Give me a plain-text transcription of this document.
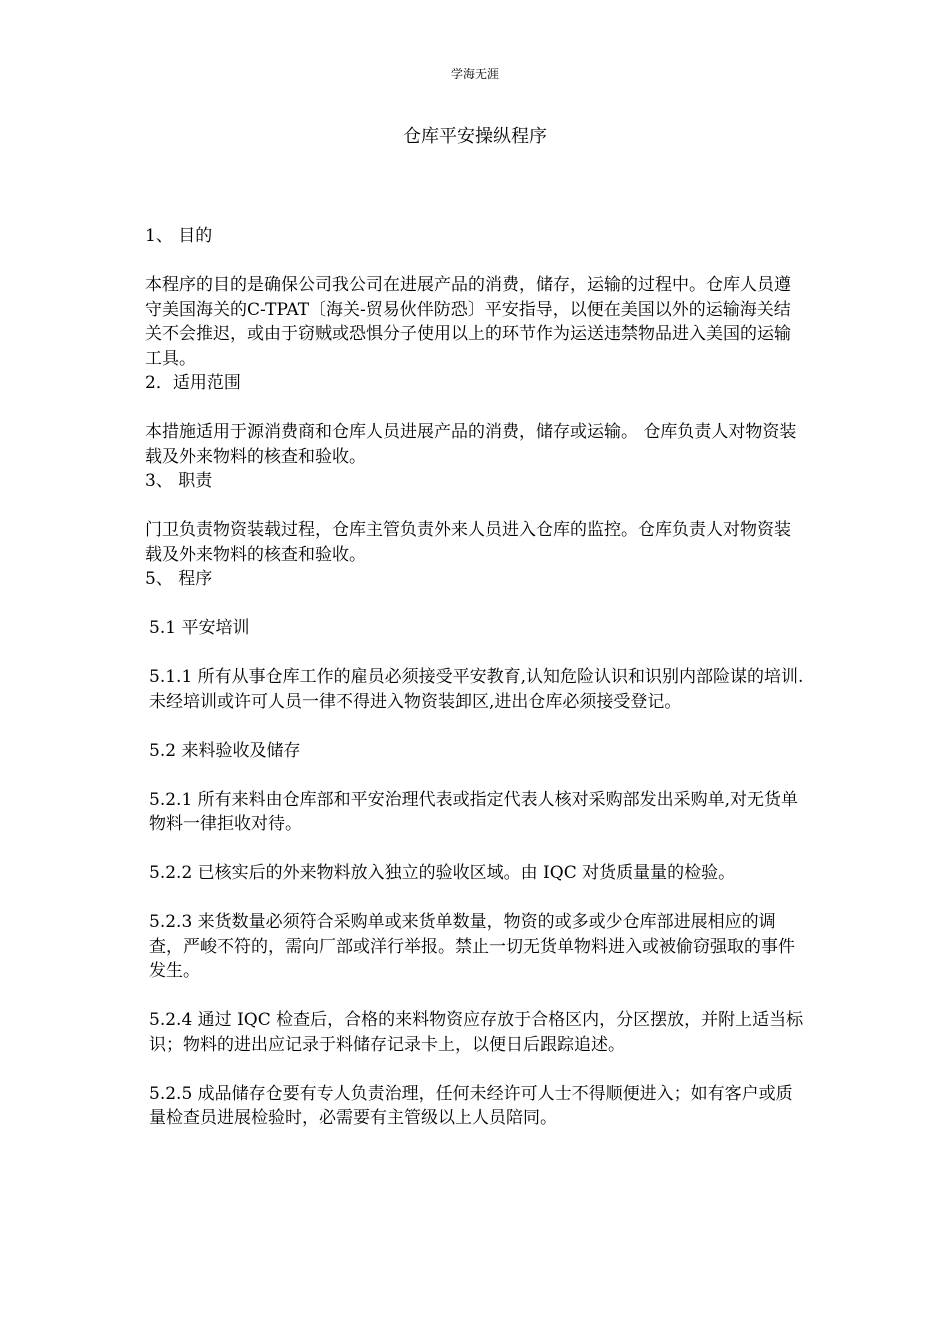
学海无涯
仓库平安操纵程序

1、 目的

本程序的目的是确保公司我公司在进展产品的消费，储存，运输的过程中。仓库人员遵守美国海关的C-TPAT〔海关-贸易伙伴防恐〕平安指导，以便在美国以外的运输海关结关不会推迟，或由于窃贼或恐惧分子使用以上的环节作为运送违禁物品进入美国的运输工具。

2．适用范围

本措施适用于源消费商和仓库人员进展产品的消费，储存或运输。 仓库负责人对物资装载及外来物料的核查和验收。

3、 职责

门卫负责物资装载过程，仓库主管负责外来人员进入仓库的监控。仓库负责人对物资装载及外来物料的核查和验收。

5、 程序

5.1 平安培训

5.1.1 所有从事仓库工作的雇员必须接受平安教育,认知危险认识和识别内部险谋的培训.未经培训或许可人员一律不得进入物资装卸区,进出仓库必须接受登记。

5.2 来料验收及储存

5.2.1 所有来料由仓库部和平安治理代表或指定代表人核对采购部发出采购单,对无货单物料一律拒收对待。

5.2.2 已核实后的外来物料放入独立的验收区域。由 IQC 对货质量量的检验。

5.2.3 来货数量必须符合采购单或来货单数量，物资的或多或少仓库部进展相应的调查，严峻不符的，需向厂部或洋行举报。禁止一切无货单物料进入或被偷窃强取的事件发生。

5.2.4 通过 IQC 检查后，合格的来料物资应存放于合格区内，分区摆放，并附上适当标识；物料的进出应记录于料储存记录卡上，以便日后跟踪追述。

5.2.5 成品储存仓要有专人负责治理，任何未经许可人士不得顺便进入；如有客户或质量检查员进展检验时，必需要有主管级以上人员陪同。
